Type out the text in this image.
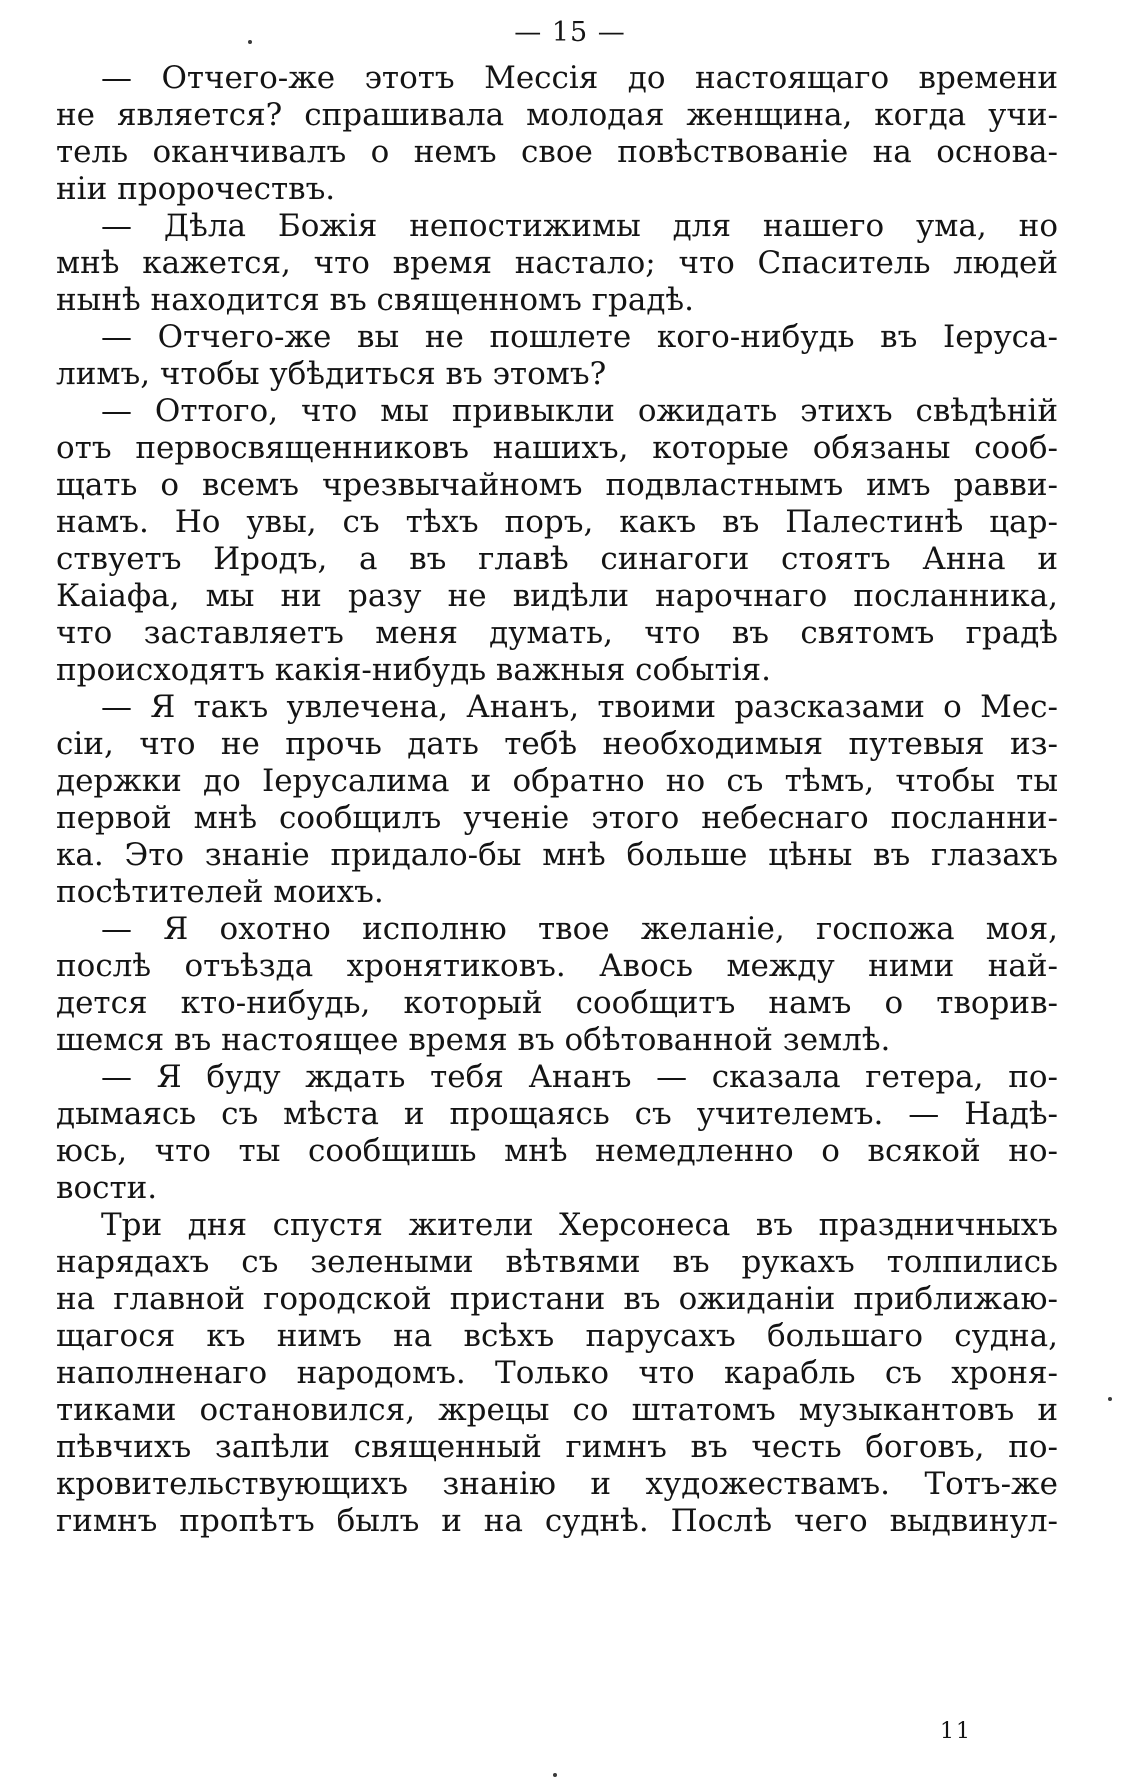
— 15 —
— Отчего-же этотъ Мессія до настоящаго времени
не является? спрашивала молодая женщина, когда учи-
тель оканчивалъ о немъ свое повѣствованіе на основа-
ніи пророчествъ.
— Дѣла Божія непостижимы для нашего ума, но
мнѣ кажется, что время настало; что Спаситель людей
нынѣ находится въ священномъ градѣ.
— Отчего-же вы не пошлете кого-нибудь въ Іеруса-
лимъ, чтобы убѣдиться въ этомъ?
— Оттого, что мы привыкли ожидать этихъ свѣдѣній
отъ первосвященниковъ нашихъ, которые обязаны сооб-
щать о всемъ чрезвычайномъ подвластнымъ имъ равви-
намъ. Но увы, съ тѣхъ поръ, какъ въ Палестинѣ цар-
ствуетъ Иродъ, а въ главѣ синагоги стоятъ Анна и
Каіафа, мы ни разу не видѣли нарочнаго посланника,
что заставляетъ меня думать, что въ святомъ градѣ
происходятъ какія-нибудь важныя событія.
— Я такъ увлечена, Ананъ, твоими разсказами о Мес-
сіи, что не прочь дать тебѣ необходимыя путевыя из-
держки до Іерусалима и обратно но съ тѣмъ, чтобы ты
первой мнѣ сообщилъ ученіе этого небеснаго посланни-
ка. Это знаніе придало-бы мнѣ больше цѣны въ глазахъ
посѣтителей моихъ.
— Я охотно исполню твое желаніе, госпожа моя,
послѣ отъѣзда хронятиковъ. Авось между ними най-
дется кто-нибудь, который сообщитъ намъ о творив-
шемся въ настоящее время въ обѣтованной землѣ.
— Я буду ждать тебя Ананъ — сказала гетера, по-
дымаясь съ мѣста и прощаясь съ учителемъ. — Надѣ-
юсь, что ты сообщишь мнѣ немедленно о всякой но-
вости.
Три дня спустя жители Херсонеса въ праздничныхъ
нарядахъ съ зелеными вѣтвями въ рукахъ толпились
на главной городской пристани въ ожиданіи приближаю-
щагося къ нимъ на всѣхъ парусахъ большаго судна,
наполненаго народомъ. Только что карабль съ хроня-
тиками остановился, жрецы со штатомъ музыкантовъ и
пѣвчихъ запѣли священный гимнъ въ честь боговъ, по-
кровительствующихъ знанію и художествамъ. Тотъ-же
гимнъ пропѣтъ былъ и на суднѣ. Послѣ чего выдвинул-
11
